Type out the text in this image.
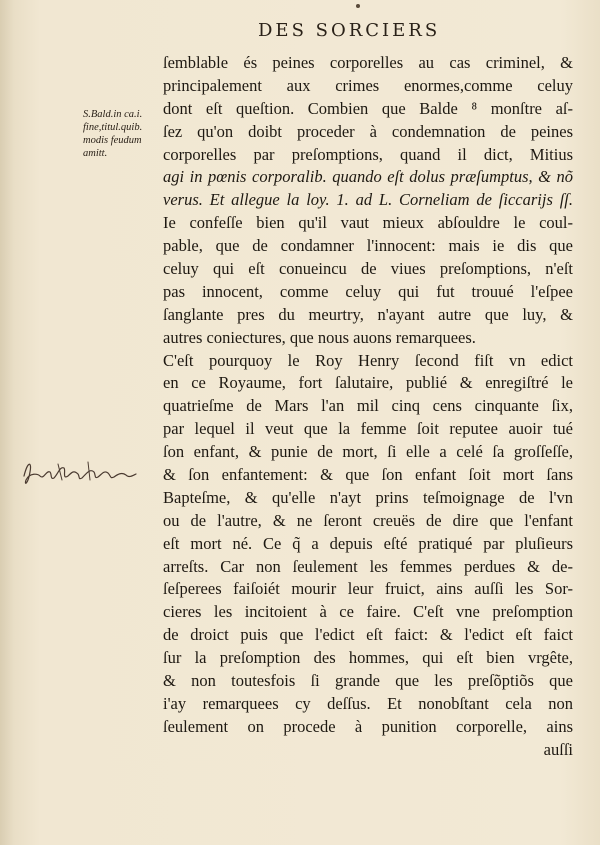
DES SORCIERS
S.Bald.in ca.i.
fine,titul.quib.
modis feudum
amitt.
ſemblable és peines corporelles au cas criminel, &
principalement aux crimes enormes,comme celuy
dont eſt queſtion. Combien que Balde ⁸ monſtre aſ-
ſez qu'on doibt proceder à condemnation de peines
corporelles par preſomptions, quand il dict, Mitius
agi in pœnis corporalib. quando eſt dolus præſumptus, & nõ
verus. Et allegue la loy. 1. ad L. Corneliam de ſiccarijs ſſ.
Ie confeſſe bien qu'il vaut mieux abſouldre le coul-
pable, que de condamner l'innocent: mais ie dis que
celuy qui eſt conueincu de viues preſomptions, n'eſt
pas innocent, comme celuy qui fut trouué l'eſpee
ſanglante pres du meurtry, n'ayant autre que luy, &
autres coniectures, que nous auons remarquees.
C'eſt pourquoy le Roy Henry ſecond fiſt vn edict
en ce Royaume, fort ſalutaire, publié & enregiſtré le
quatrieſme de Mars l'an mil cinq cens cinquante ſix,
par lequel il veut que la femme ſoit reputee auoir tué
ſon enfant, & punie de mort, ſi elle a celé ſa groſſeſſe,
& ſon enfantement: & que ſon enfant ſoit mort ſans
Bapteſme, & qu'elle n'ayt prins teſmoignage de l'vn
ou de l'autre, & ne ſeront creuës de dire que l'enfant
eſt mort né. Ce q̃ a depuis eſté pratiqué par pluſieurs
arreſts. Car non ſeulement les femmes perdues & de-
ſeſperees faiſoiét mourir leur fruict, ains auſſi les Sor-
cieres les incitoient à ce faire. C'eſt vne preſomption
de droict puis que l'edict eſt faict: & l'edict eſt faict
ſur la preſomption des hommes, qui eſt bien vrgête,
& non toutesfois ſi grande que les preſõptiõs que
i'ay remarquees cy deſſus. Et nonobſtant cela non
ſeulement on procede à punition corporelle, ains
auſſi
